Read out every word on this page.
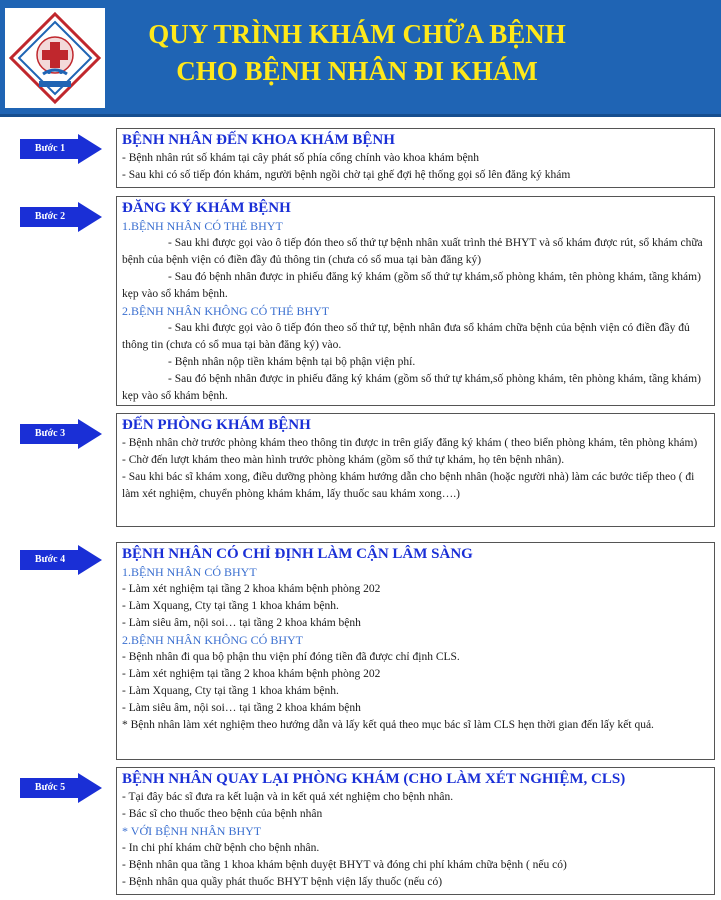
QUY TRÌNH KHÁM CHỮA BỆNH
CHO BỆNH NHÂN ĐI KHÁM
Bước 1
BỆNH NHÂN ĐẾN KHOA KHÁM BỆNH
- Bệnh nhân rút số khám tại cây phát số phía cổng chính vào khoa khám bệnh
- Sau khi có số tiếp đón khám, người bệnh ngồi chờ tại ghế đợi hệ thống gọi số lên đăng ký khám
Bước 2
ĐĂNG KÝ KHÁM BỆNH
1.BỆNH NHÂN CÓ THẺ BHYT
- Sau khi được gọi vào ô tiếp đón theo số thứ tự bệnh nhân xuất trình thẻ BHYT và số khám được rút, sổ khám chữa bệnh của bệnh viện có điền đầy đủ thông tin (chưa có sổ mua tại bàn đăng ký)
- Sau đó bệnh nhân được in phiếu đăng ký khám (gồm số thứ tự khám,số phòng khám, tên phòng khám, tầng khám) kẹp vào sổ khám bệnh.
2.BỆNH NHÂN KHÔNG CÓ THẺ BHYT
- Sau khi được gọi vào ô tiếp đón theo số thứ tự, bệnh nhân đưa sổ khám chữa bệnh của bệnh viện có điền đầy đủ thông tin (chưa có sổ mua tại bàn đăng ký) vào.
- Bệnh nhân nộp tiền khám bệnh tại bộ phận viện phí.
- Sau đó bệnh nhân được in phiếu đăng ký khám (gồm số thứ tự khám,số phòng khám, tên phòng khám, tầng khám) kẹp vào sổ khám bệnh.
Bước 3
ĐẾN PHÒNG KHÁM BỆNH
- Bệnh nhân chờ trước phòng khám theo thông tin được in trên giấy đăng ký khám ( theo biển phòng khám, tên phòng khám)
- Chờ đến lượt khám theo màn hình trước phòng khám (gồm số thứ tự khám, họ tên bệnh nhân).
- Sau khi bác sĩ khám xong, điều dưỡng phòng khám hướng dẫn cho bệnh nhân (hoặc người nhà) làm các bước tiếp theo ( đi làm xét nghiệm, chuyển phòng khám khám, lấy thuốc sau khám xong….)
Bước 4	BỆNH NHÂN CÓ CHỈ ĐỊNH LÀM CẬN LÂM SÀNG
1.BỆNH NHÂN CÓ BHYT
- Làm xét nghiệm tại tầng 2 khoa khám bệnh phòng 202
- Làm Xquang, Cty tại tầng 1 khoa khám bệnh.
- Làm siêu âm, nội soi… tại tầng 2 khoa khám bệnh
2.BỆNH NHÂN KHÔNG CÓ BHYT
- Bệnh nhân đi qua bộ phận thu viện phí đóng tiền đã được chỉ định CLS.
- Làm xét nghiệm tại tầng 2 khoa khám bệnh phòng 202
- Làm Xquang, Cty tại tầng 1 khoa khám bệnh.
- Làm siêu âm, nội soi… tại tầng 2 khoa khám bệnh
* Bệnh nhân làm xét nghiệm theo hướng dẫn và lấy kết quả theo mục bác sĩ làm CLS hẹn thời gian đến lấy kết quả.
Bước 5
BỆNH NHÂN QUAY LẠI PHÒNG KHÁM (CHO LÀM XÉT NGHIỆM, CLS)
- Tại đây bác sĩ đưa ra kết luận và in kết quả xét nghiệm cho bệnh nhân.
- Bác sĩ cho thuốc theo bệnh của bệnh nhân
* VỚI BỆNH NHÂN BHYT
- In chi phí khám chữ bệnh cho bệnh nhân.
- Bệnh nhân qua tầng 1 khoa khám bệnh duyệt BHYT và đóng chi phí khám chữa bệnh ( nếu có)
- Bệnh nhân qua quầy phát thuốc BHYT bệnh viện lấy thuốc (nếu có)
